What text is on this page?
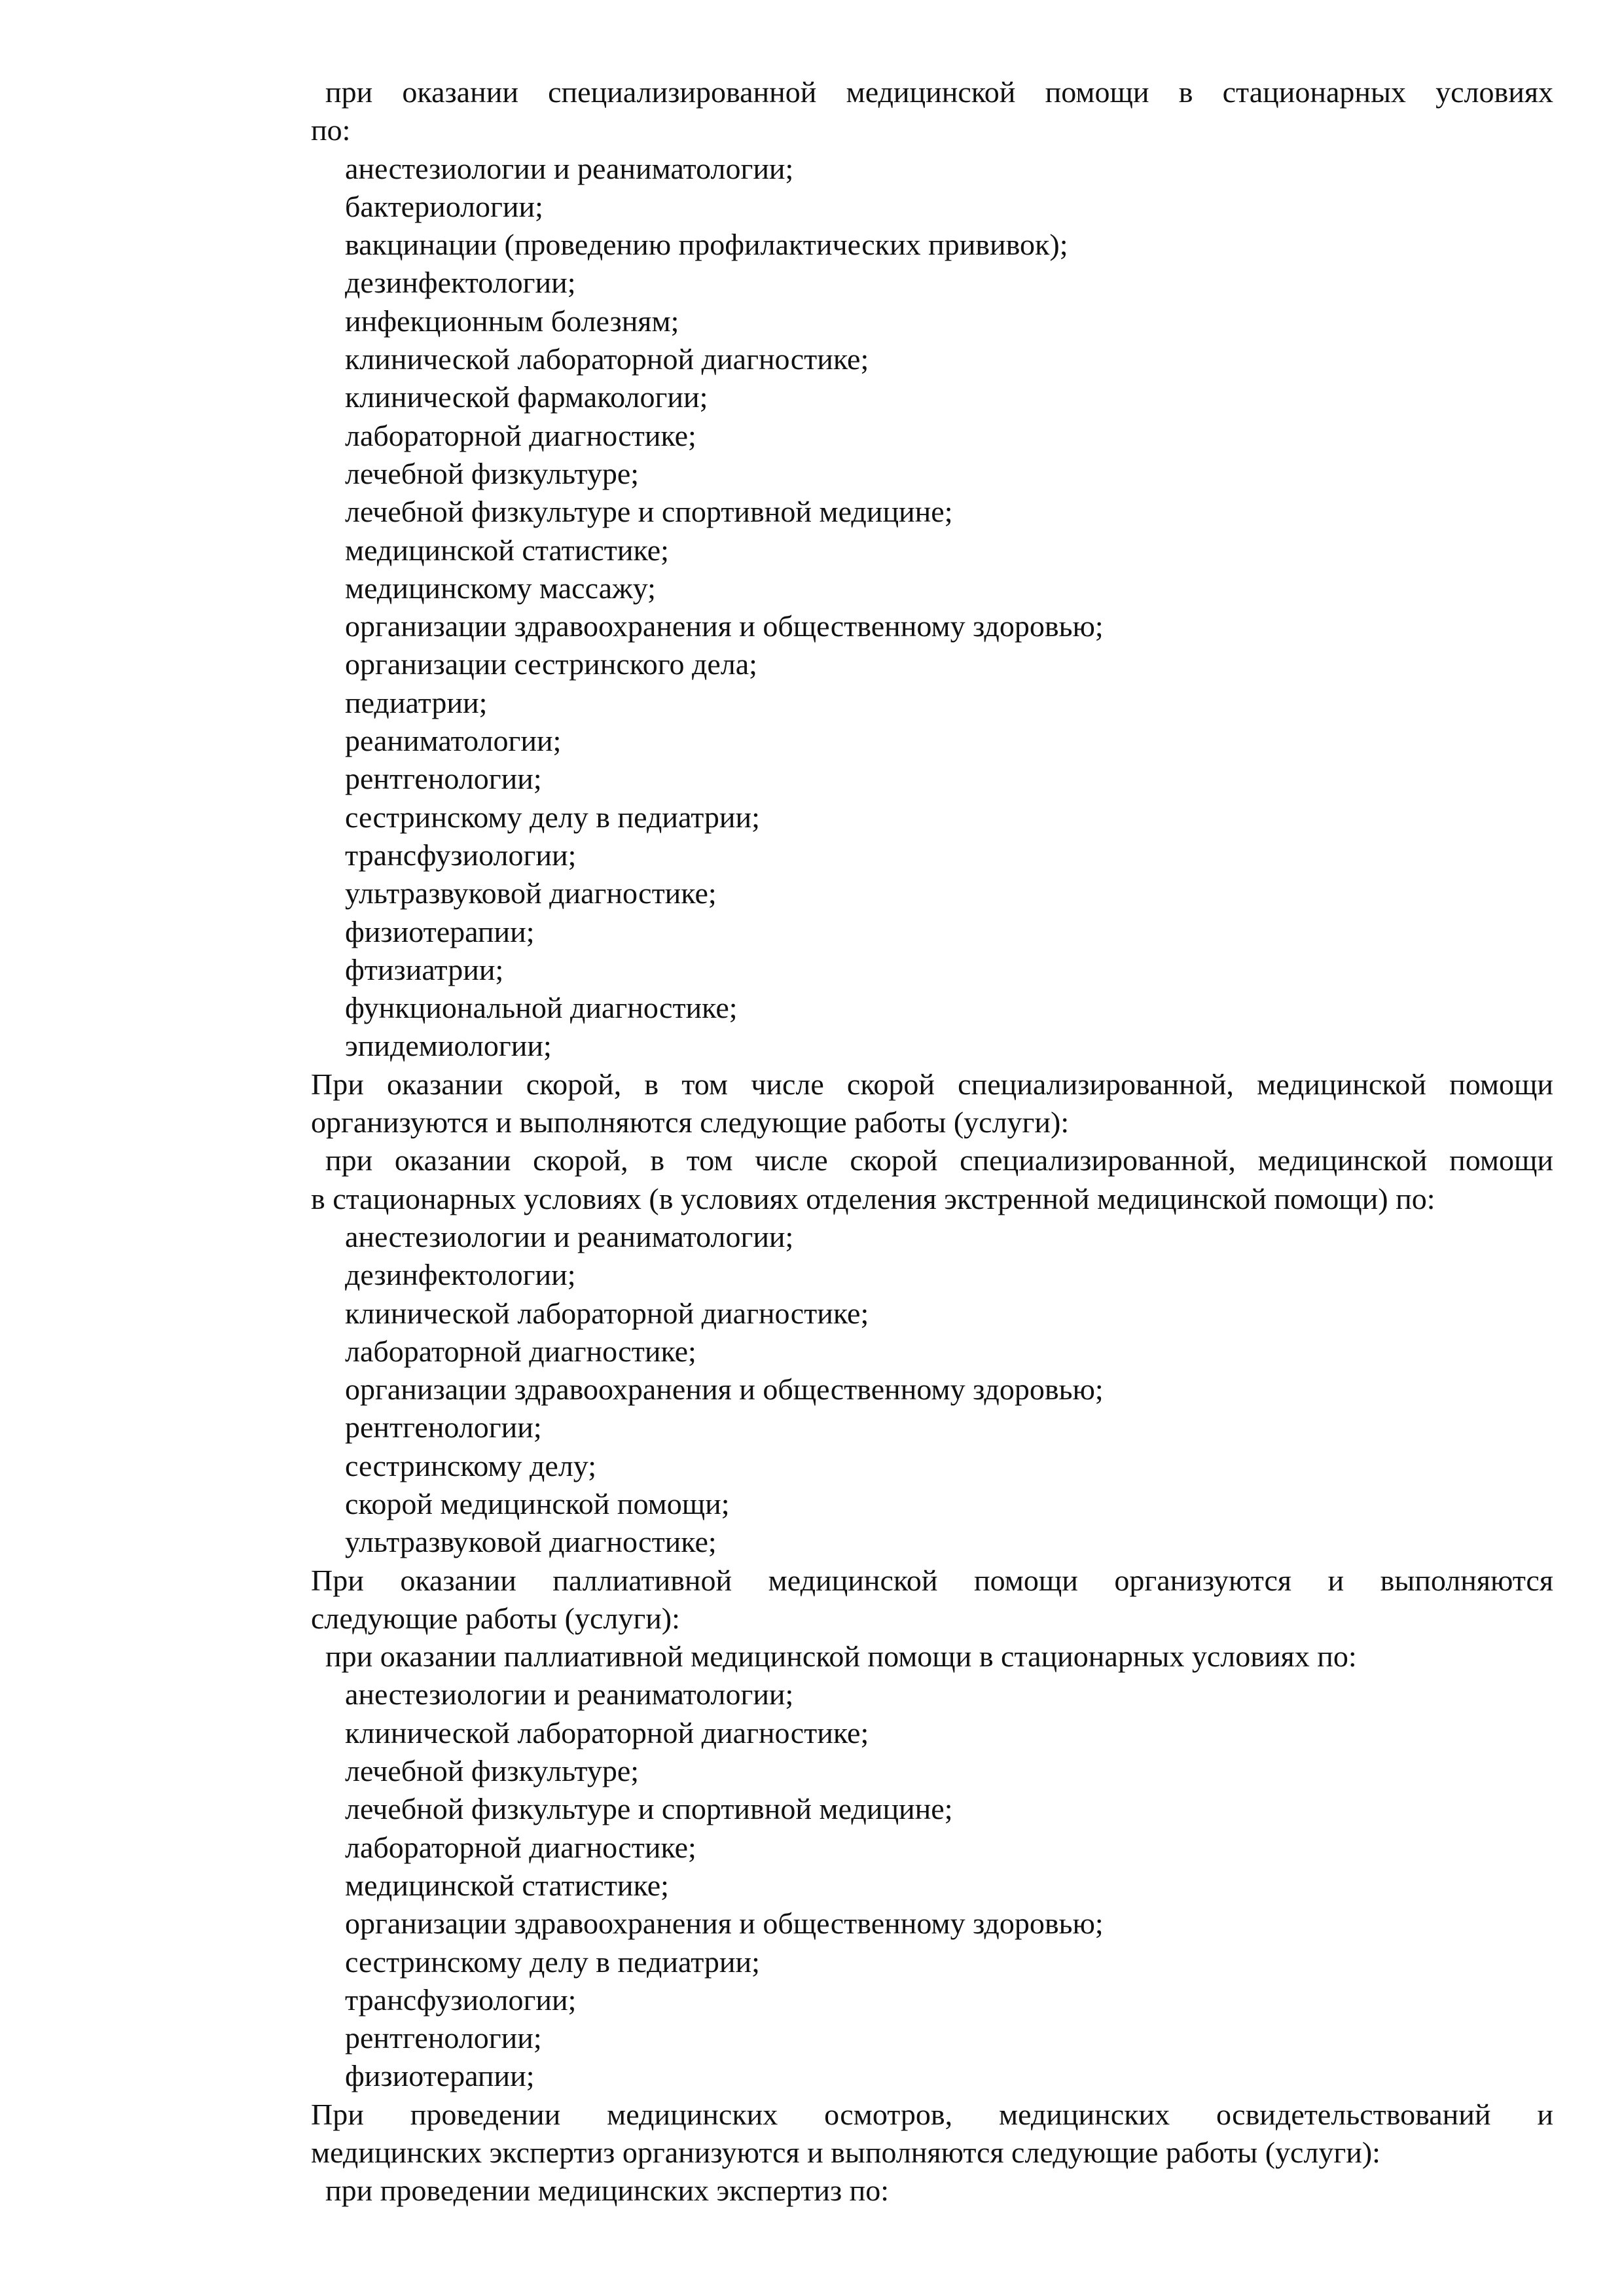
при оказании специализированной медицинской помощи в стационарных условиях
по:
анестезиологии и реаниматологии;
бактериологии;
вакцинации (проведению профилактических прививок);
дезинфектологии;
инфекционным болезням;
клинической лабораторной диагностике;
клинической фармакологии;
лабораторной диагностике;
лечебной физкультуре;
лечебной физкультуре и спортивной медицине;
медицинской статистике;
медицинскому массажу;
организации здравоохранения и общественному здоровью;
организации сестринского дела;
педиатрии;
реаниматологии;
рентгенологии;
сестринскому делу в педиатрии;
трансфузиологии;
ультразвуковой диагностике;
физиотерапии;
фтизиатрии;
функциональной диагностике;
эпидемиологии;
При оказании скорой, в том числе скорой специализированной, медицинской помощи
организуются и выполняются следующие работы (услуги):
при оказании скорой, в том числе скорой специализированной, медицинской помощи
в стационарных условиях (в условиях отделения экстренной медицинской помощи) по:
анестезиологии и реаниматологии;
дезинфектологии;
клинической лабораторной диагностике;
лабораторной диагностике;
организации здравоохранения и общественному здоровью;
рентгенологии;
сестринскому делу;
скорой медицинской помощи;
ультразвуковой диагностике;
При оказании паллиативной медицинской помощи организуются и выполняются
следующие работы (услуги):
при оказании паллиативной медицинской помощи в стационарных условиях по:
анестезиологии и реаниматологии;
клинической лабораторной диагностике;
лечебной физкультуре;
лечебной физкультуре и спортивной медицине;
лабораторной диагностике;
медицинской статистике;
организации здравоохранения и общественному здоровью;
сестринскому делу в педиатрии;
трансфузиологии;
рентгенологии;
физиотерапии;
При проведении медицинских осмотров, медицинских освидетельствований и
медицинских экспертиз организуются и выполняются следующие работы (услуги):
при проведении медицинских экспертиз по:
